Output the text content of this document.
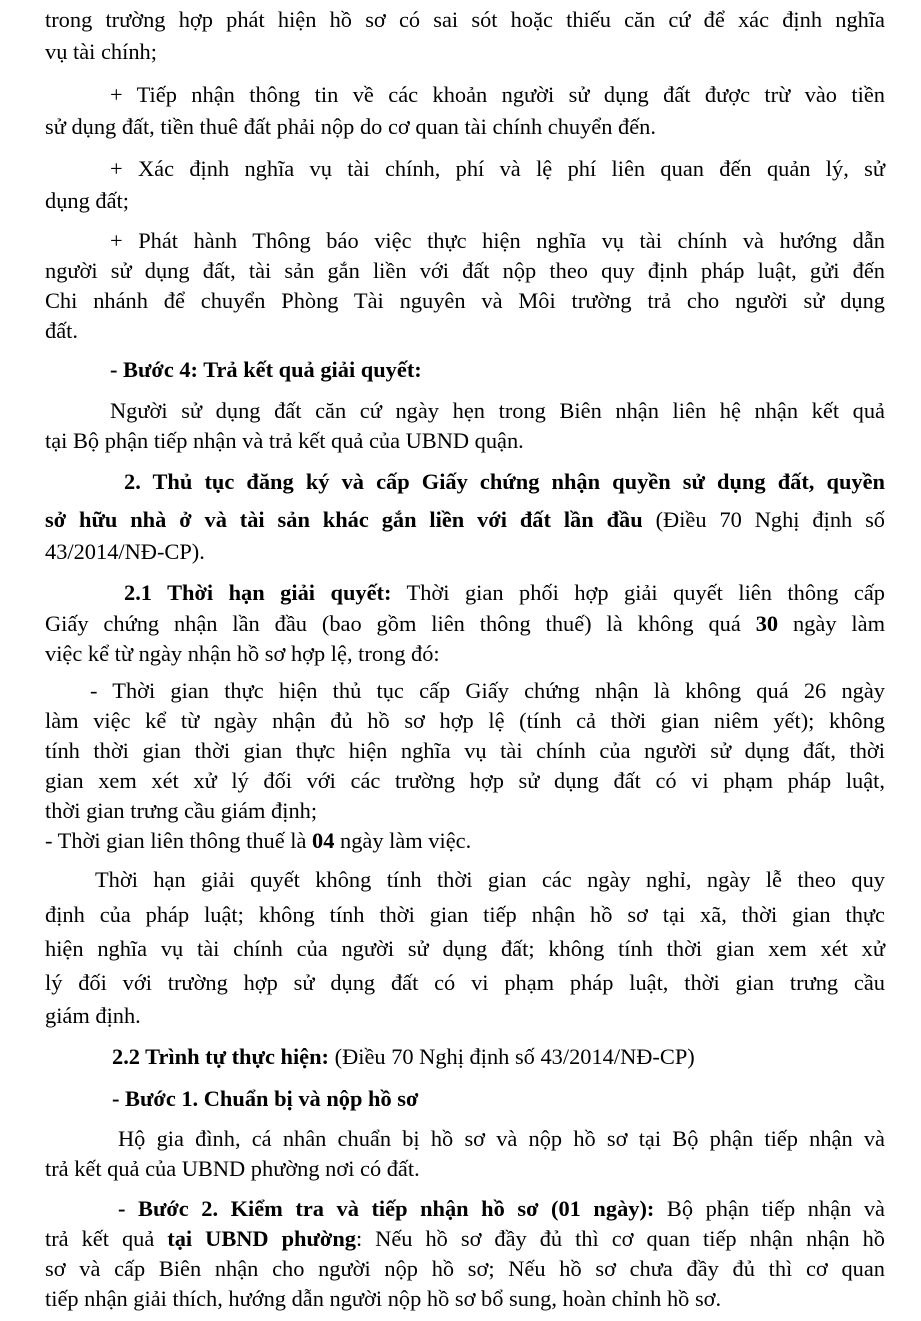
trong trường hợp phát hiện hồ sơ có sai sót hoặc thiếu căn cứ để xác định nghĩa
vụ tài chính;
+ Tiếp nhận thông tin về các khoản người sử dụng đất được trừ vào tiền
sử dụng đất, tiền thuê đất phải nộp do cơ quan tài chính chuyển đến.
+ Xác định nghĩa vụ tài chính, phí và lệ phí liên quan đến quản lý, sử
dụng đất;
+ Phát hành Thông báo việc thực hiện nghĩa vụ tài chính và hướng dẫn
người sử dụng đất, tài sản gắn liền với đất nộp theo quy định pháp luật, gửi đến
Chi nhánh để chuyển Phòng Tài nguyên và Môi trường trả cho người sử dụng
đất.
- Bước 4: Trả kết quả giải quyết:
Người sử dụng đất căn cứ ngày hẹn trong Biên nhận liên hệ nhận kết quả
tại Bộ phận tiếp nhận và trả kết quả của UBND quận.
2. Thủ tục đăng ký và cấp Giấy chứng nhận quyền sử dụng đất, quyền
sở hữu nhà ở và tài sản khác gắn liền với đất lần đầu (Điều 70 Nghị định số
43/2014/NĐ-CP).
2.1 Thời hạn giải quyết: Thời gian phối hợp giải quyết liên thông cấp
Giấy chứng nhận lần đầu (bao gồm liên thông thuế) là không quá 30 ngày làm
việc kể từ ngày nhận hồ sơ hợp lệ, trong đó:
- Thời gian thực hiện thủ tục cấp Giấy chứng nhận là không quá 26 ngày
làm việc kể từ ngày nhận đủ hồ sơ hợp lệ (tính cả thời gian niêm yết); không
tính thời gian thời gian thực hiện nghĩa vụ tài chính của người sử dụng đất, thời
gian xem xét xử lý đối với các trường hợp sử dụng đất có vi phạm pháp luật,
thời gian trưng cầu giám định;
- Thời gian liên thông thuế là 04 ngày làm việc.
Thời hạn giải quyết không tính thời gian các ngày nghỉ, ngày lễ theo quy
định của pháp luật; không tính thời gian tiếp nhận hồ sơ tại xã, thời gian thực
hiện nghĩa vụ tài chính của người sử dụng đất; không tính thời gian xem xét xử
lý đối với trường hợp sử dụng đất có vi phạm pháp luật, thời gian trưng cầu
giám định.
2.2 Trình tự thực hiện: (Điều 70 Nghị định số 43/2014/NĐ-CP)
- Bước 1. Chuẩn bị và nộp hồ sơ
Hộ gia đình, cá nhân chuẩn bị hồ sơ và nộp hồ sơ tại Bộ phận tiếp nhận và
trả kết quả của UBND phường nơi có đất.
- Bước 2. Kiểm tra và tiếp nhận hồ sơ (01 ngày): Bộ phận tiếp nhận và
trả kết quả tại UBND phường: Nếu hồ sơ đầy đủ thì cơ quan tiếp nhận nhận hồ
sơ và cấp Biên nhận cho người nộp hồ sơ; Nếu hồ sơ chưa đầy đủ thì cơ quan
tiếp nhận giải thích, hướng dẫn người nộp hồ sơ bổ sung, hoàn chỉnh hồ sơ.
